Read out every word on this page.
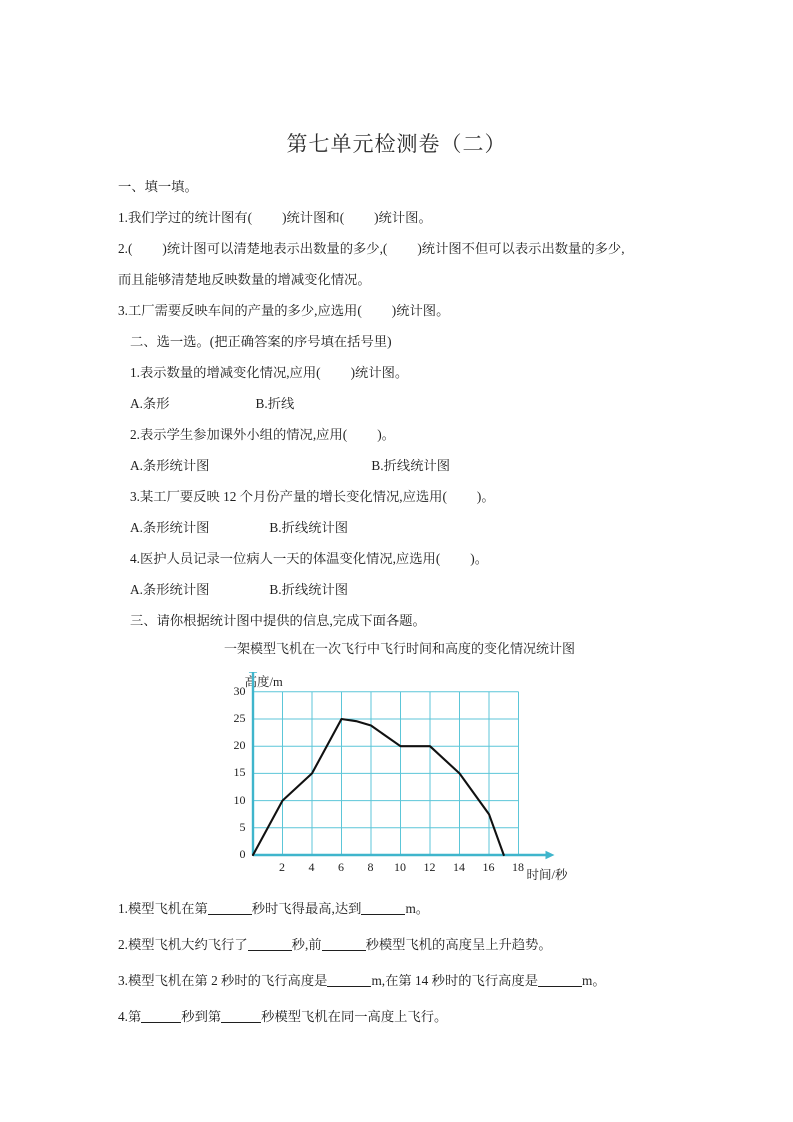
第七单元检测卷（二）
一、填一填。
1.我们学过的统计图有( )统计图和( )统计图。
2.( )统计图可以清楚地表示出数量的多少,( )统计图不但可以表示出数量的多少,
而且能够清楚地反映数量的增减变化情况。
3.工厂需要反映车间的产量的多少,应选用( )统计图。
二、选一选。(把正确答案的序号填在括号里)
1.表示数量的增减变化情况,应用( )统计图。
A.条形	B.折线
2.表示学生参加课外小组的情况,应用( )。
A.条形统计图	B.折线统计图
3.某工厂要反映 12 个月份产量的增长变化情况,应选用( )。
A.条形统计图	B.折线统计图
4.医护人员记录一位病人一天的体温变化情况,应选用( )。
A.条形统计图	B.折线统计图
三、请你根据统计图中提供的信息,完成下面各题。
一架模型飞机在一次飞行中飞行时间和高度的变化情况统计图
高度/m
时间/秒
0
5
10
15
20
25
30
2	4	6	8	10	12	14	16	18
1.模型飞机在第	秒时飞得最高,达到	m。
2.模型飞机大约飞行了	秒,前	秒模型飞机的高度呈上升趋势。
3.模型飞机在第 2 秒时的飞行高度是	m,在第 14 秒时的飞行高度是	m。
4.第	秒到第	秒模型飞机在同一高度上飞行。
